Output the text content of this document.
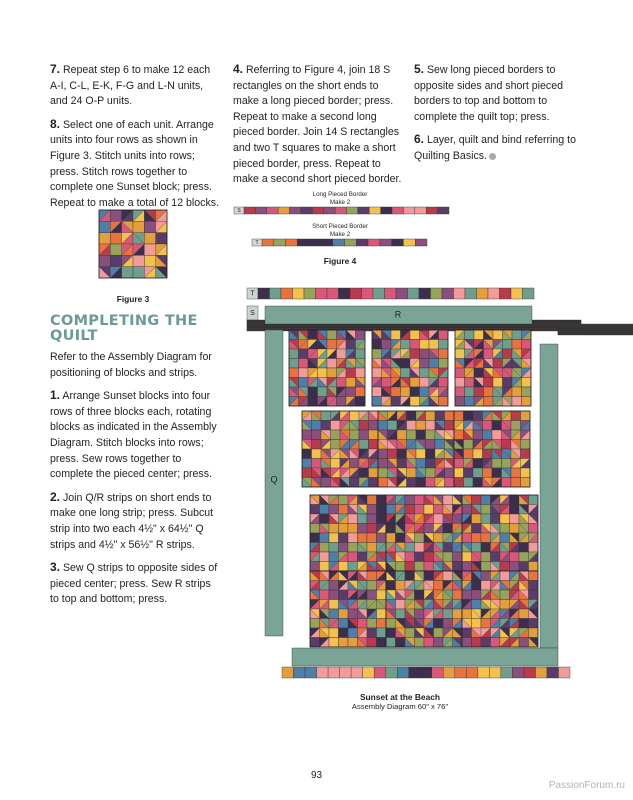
S
T
T
S	R
Q

7. Repeat step 6 to make 12 each A-I, C-L, E-K, F-G and L-N units, and 24 O-P units.

8. Select one of each unit. Arrange units into four rows as shown in Figure 3. Stitch units into rows; press. Stitch rows together to complete one Sunset block; press. Repeat to make a total of 12 blocks.

Figure 3
COMPLETING THE QUILT

Refer to the Assembly Diagram for positioning of blocks and strips.

1. Arrange Sunset blocks into four rows of three blocks each, rotating blocks as indicated in the Assembly Diagram. Stitch blocks into rows; press. Sew rows together to complete the pieced center; press.

2. Join Q/R strips on short ends to make one long strip; press. Subcut strip into two each 4½" x 64½" Q strips and 4½" x 56½" R strips.

3. Sew Q strips to opposite sides of pieced center; press. Sew R strips to top and bottom; press.

4. Referring to Figure 4, join 18 S rectangles on the short ends to make a long pieced border; press. Repeat to make a second long pieced border. Join 14 S rectangles and two T squares to make a short pieced border, press. Repeat to make a second short pieced border.

5. Sew long pieced borders to opposite sides and short pieced borders to top and bottom to complete the quilt top; press.

6. Layer, quilt and bind referring to Quilting Basics.

Long Pieced Border
Make 2
Short Pieced Border
Make 2
Figure 4
Sunset at the Beach
Assembly Diagram 60" x 76"
93
PassionForum.ru
